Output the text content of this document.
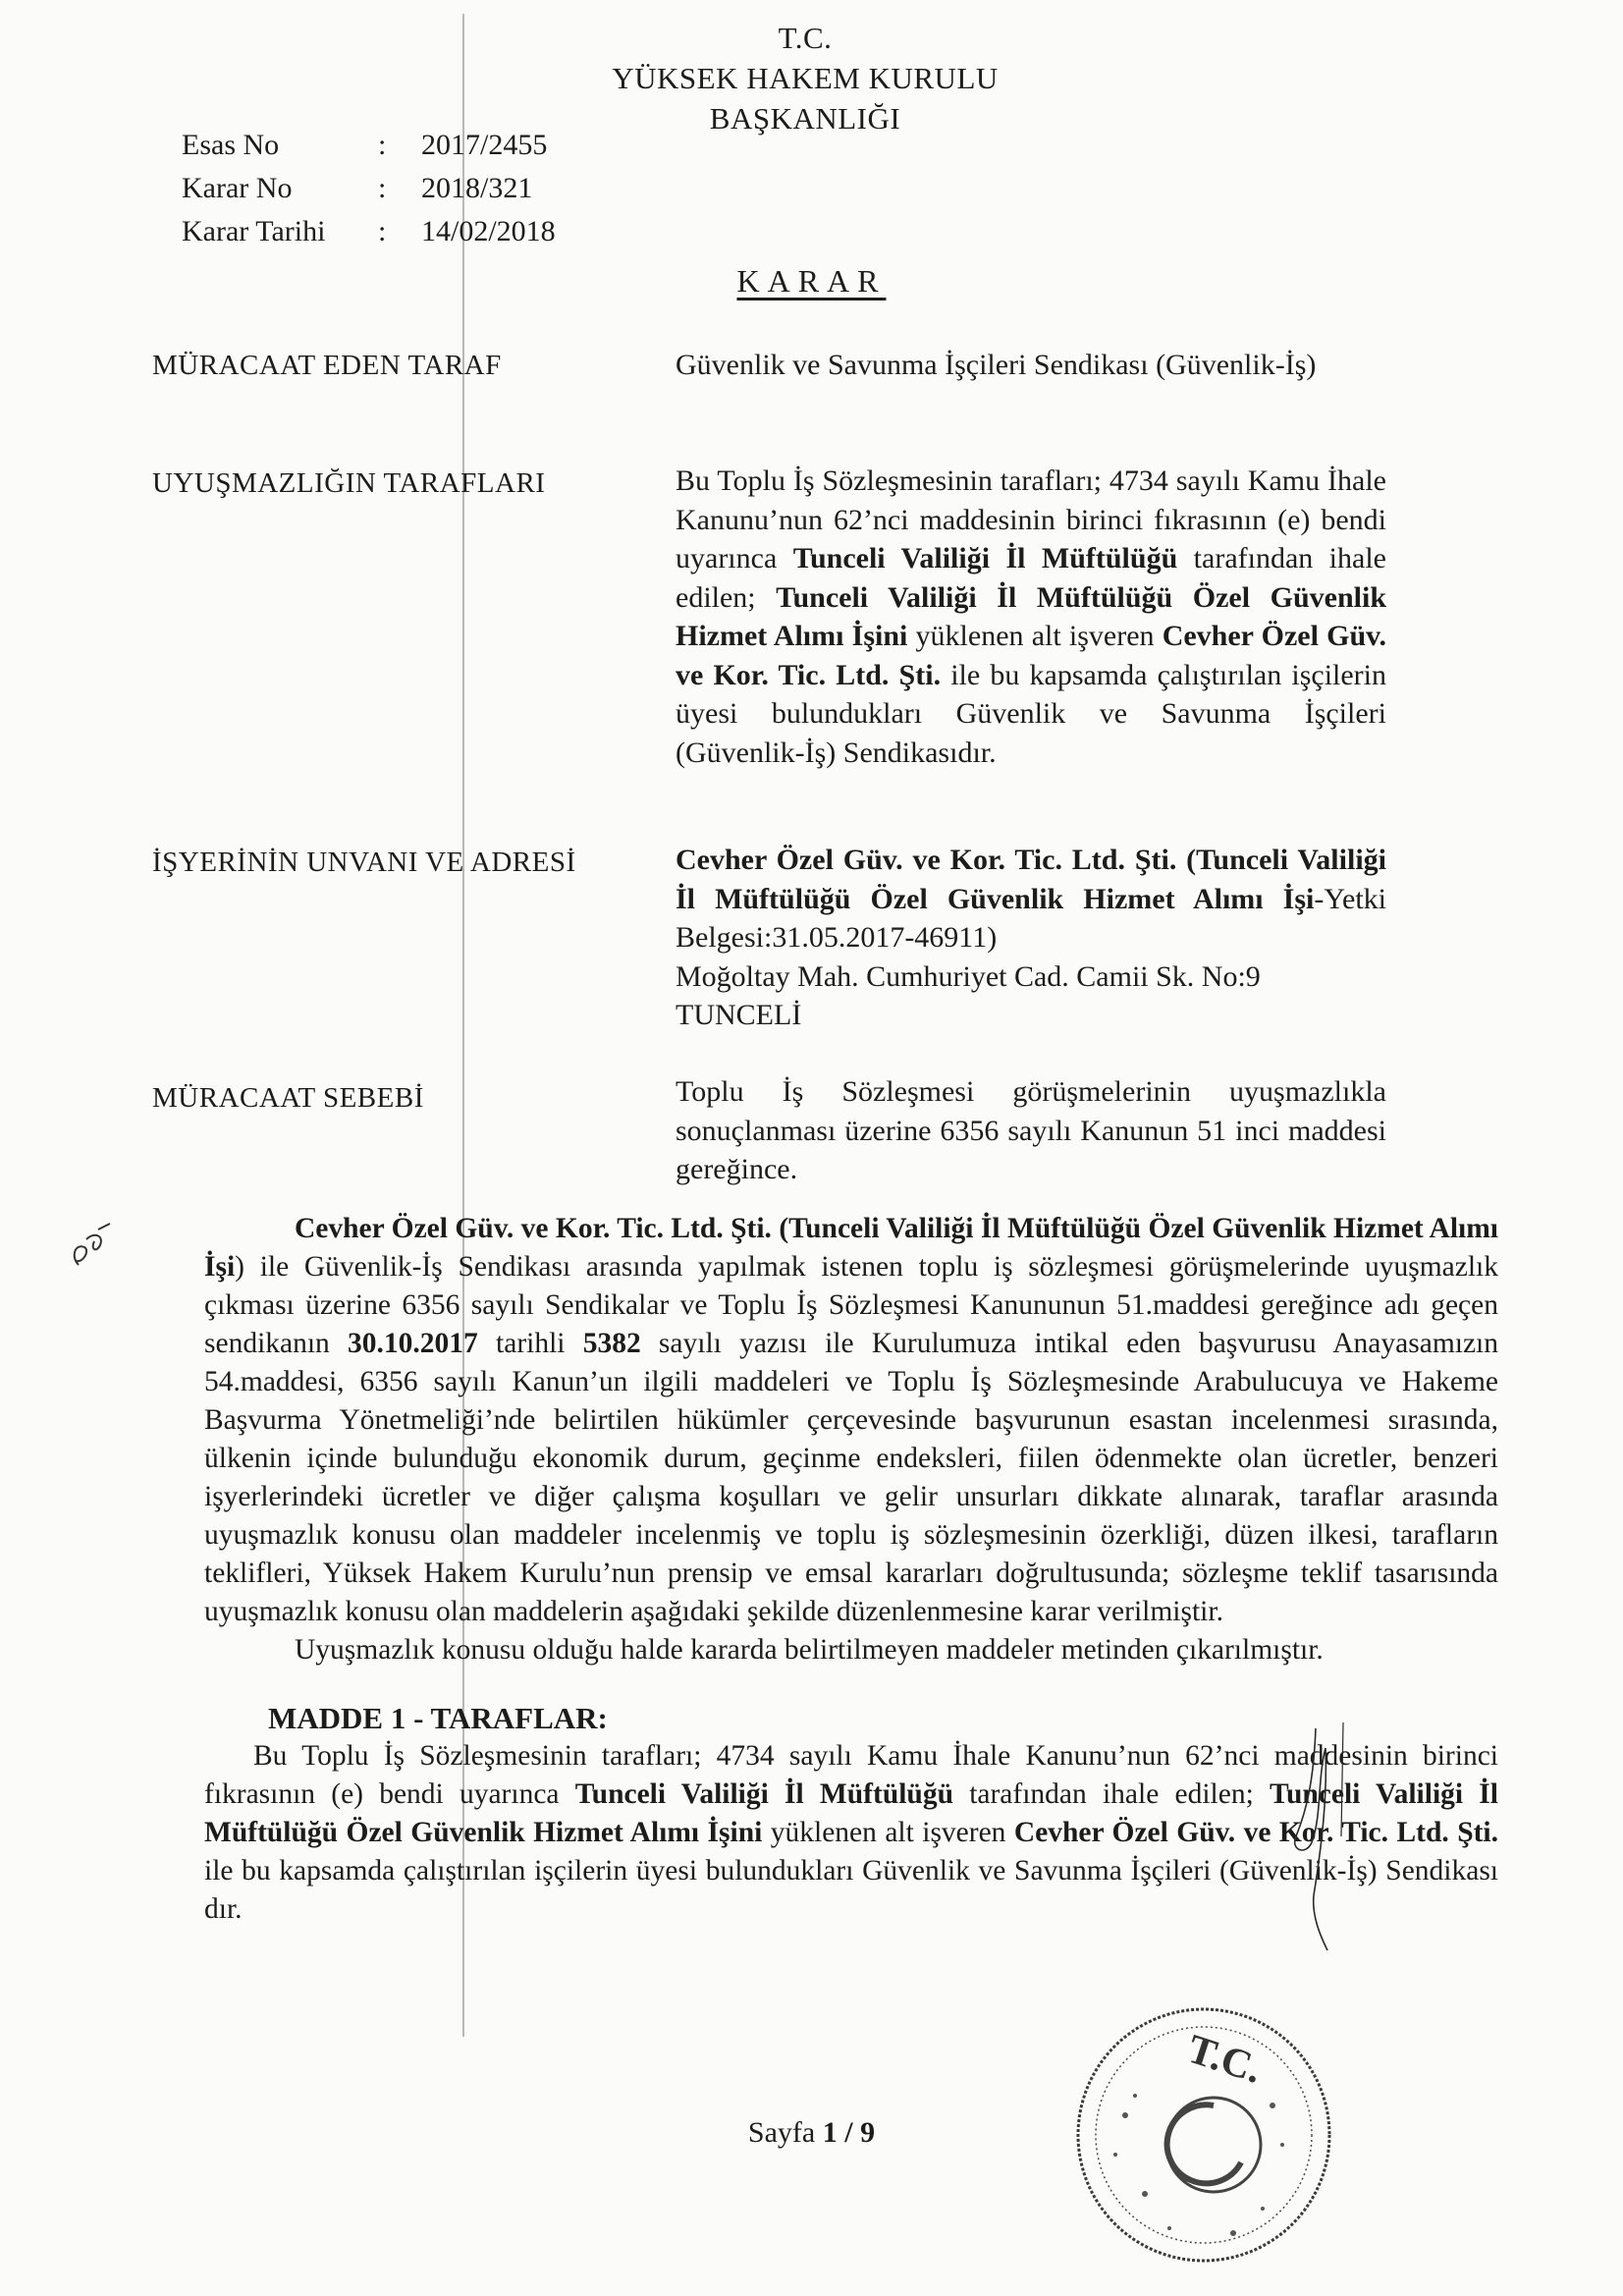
T.C.
YÜKSEK HAKEM KURULU
BAŞKANLIĞI
Esas No	:	2017/2455
Karar No	:	2018/321
Karar Tarihi	:	14/02/2018
KARAR
MÜRACAAT EDEN TARAF	Güvenlik ve Savunma İşçileri Sendikası (Güvenlik-İş)
UYUŞMAZLIĞIN TARAFLARI	Bu Toplu İş Sözleşmesinin tarafları; 4734 sayılı Kamu İhale Kanunu’nun 62’nci maddesinin birinci fıkrasının (e) bendi uyarınca Tunceli Valiliği İl Müftülüğü tarafından ihale edilen; Tunceli Valiliği İl Müftülüğü Özel Güvenlik Hizmet Alımı İşini yüklenen alt işveren Cevher Özel Güv. ve Kor. Tic. Ltd. Şti. ile bu kapsamda çalıştırılan işçilerin üyesi bulundukları Güvenlik ve Savunma İşçileri (Güvenlik-İş) Sendikasıdır.
İŞYERİNİN UNVANI VE ADRESİ	Cevher Özel Güv. ve Kor. Tic. Ltd. Şti. (Tunceli Valiliği İl Müftülüğü Özel Güvenlik Hizmet Alımı İşi-Yetki Belgesi:31.05.2017-46911)
Moğoltay Mah. Cumhuriyet Cad. Camii Sk. No:9
TUNCELİ
MÜRACAAT SEBEBİ	Toplu İş Sözleşmesi görüşmelerinin uyuşmazlıkla sonuçlanması üzerine 6356 sayılı Kanunun 51 inci maddesi gereğince.

Cevher Özel Güv. ve Kor. Tic. Ltd. Şti. (Tunceli Valiliği İl Müftülüğü Özel Güvenlik Hizmet Alımı İşi) ile Güvenlik-İş Sendikası arasında yapılmak istenen toplu iş sözleşmesi görüşmelerinde uyuşmazlık çıkması üzerine 6356 sayılı Sendikalar ve Toplu İş Sözleşmesi Kanununun 51.maddesi gereğince adı geçen sendikanın 30.10.2017 tarihli 5382 sayılı yazısı ile Kurulumuza intikal eden başvurusu Anayasamızın 54.maddesi, 6356 sayılı Kanun’un ilgili maddeleri ve Toplu İş Sözleşmesinde Arabulucuya ve Hakeme Başvurma Yönetmeliği’nde belirtilen hükümler çerçevesinde başvurunun esastan incelenmesi sırasında, ülkenin içinde bulunduğu ekonomik durum, geçinme endeksleri, fiilen ödenmekte olan ücretler, benzeri işyerlerindeki ücretler ve diğer çalışma koşulları ve gelir unsurları dikkate alınarak, taraflar arasında uyuşmazlık konusu olan maddeler incelenmiş ve toplu iş sözleşmesinin özerkliği, düzen ilkesi, tarafların teklifleri, Yüksek Hakem Kurulu’nun prensip ve emsal kararları doğrultusunda; sözleşme teklif tasarısında uyuşmazlık konusu olan maddelerin aşağıdaki şekilde düzenlenmesine karar verilmiştir.

Uyuşmazlık konusu olduğu halde kararda belirtilmeyen maddeler metinden çıkarılmıştır.

MADDE 1 - TARAFLAR:

Bu Toplu İş Sözleşmesinin tarafları; 4734 sayılı Kamu İhale Kanunu’nun 62’nci maddesinin birinci fıkrasının (e) bendi uyarınca Tunceli Valiliği İl Müftülüğü tarafından ihale edilen; Tunceli Valiliği İl Müftülüğü Özel Güvenlik Hizmet Alımı İşini yüklenen alt işveren Cevher Özel Güv. ve Kor. Tic. Ltd. Şti. ile bu kapsamda çalıştırılan işçilerin üyesi bulundukları Güvenlik ve Savunma İşçileri (Güvenlik-İş) Sendikası dır.

T.C.
Sayfa 1 / 9
